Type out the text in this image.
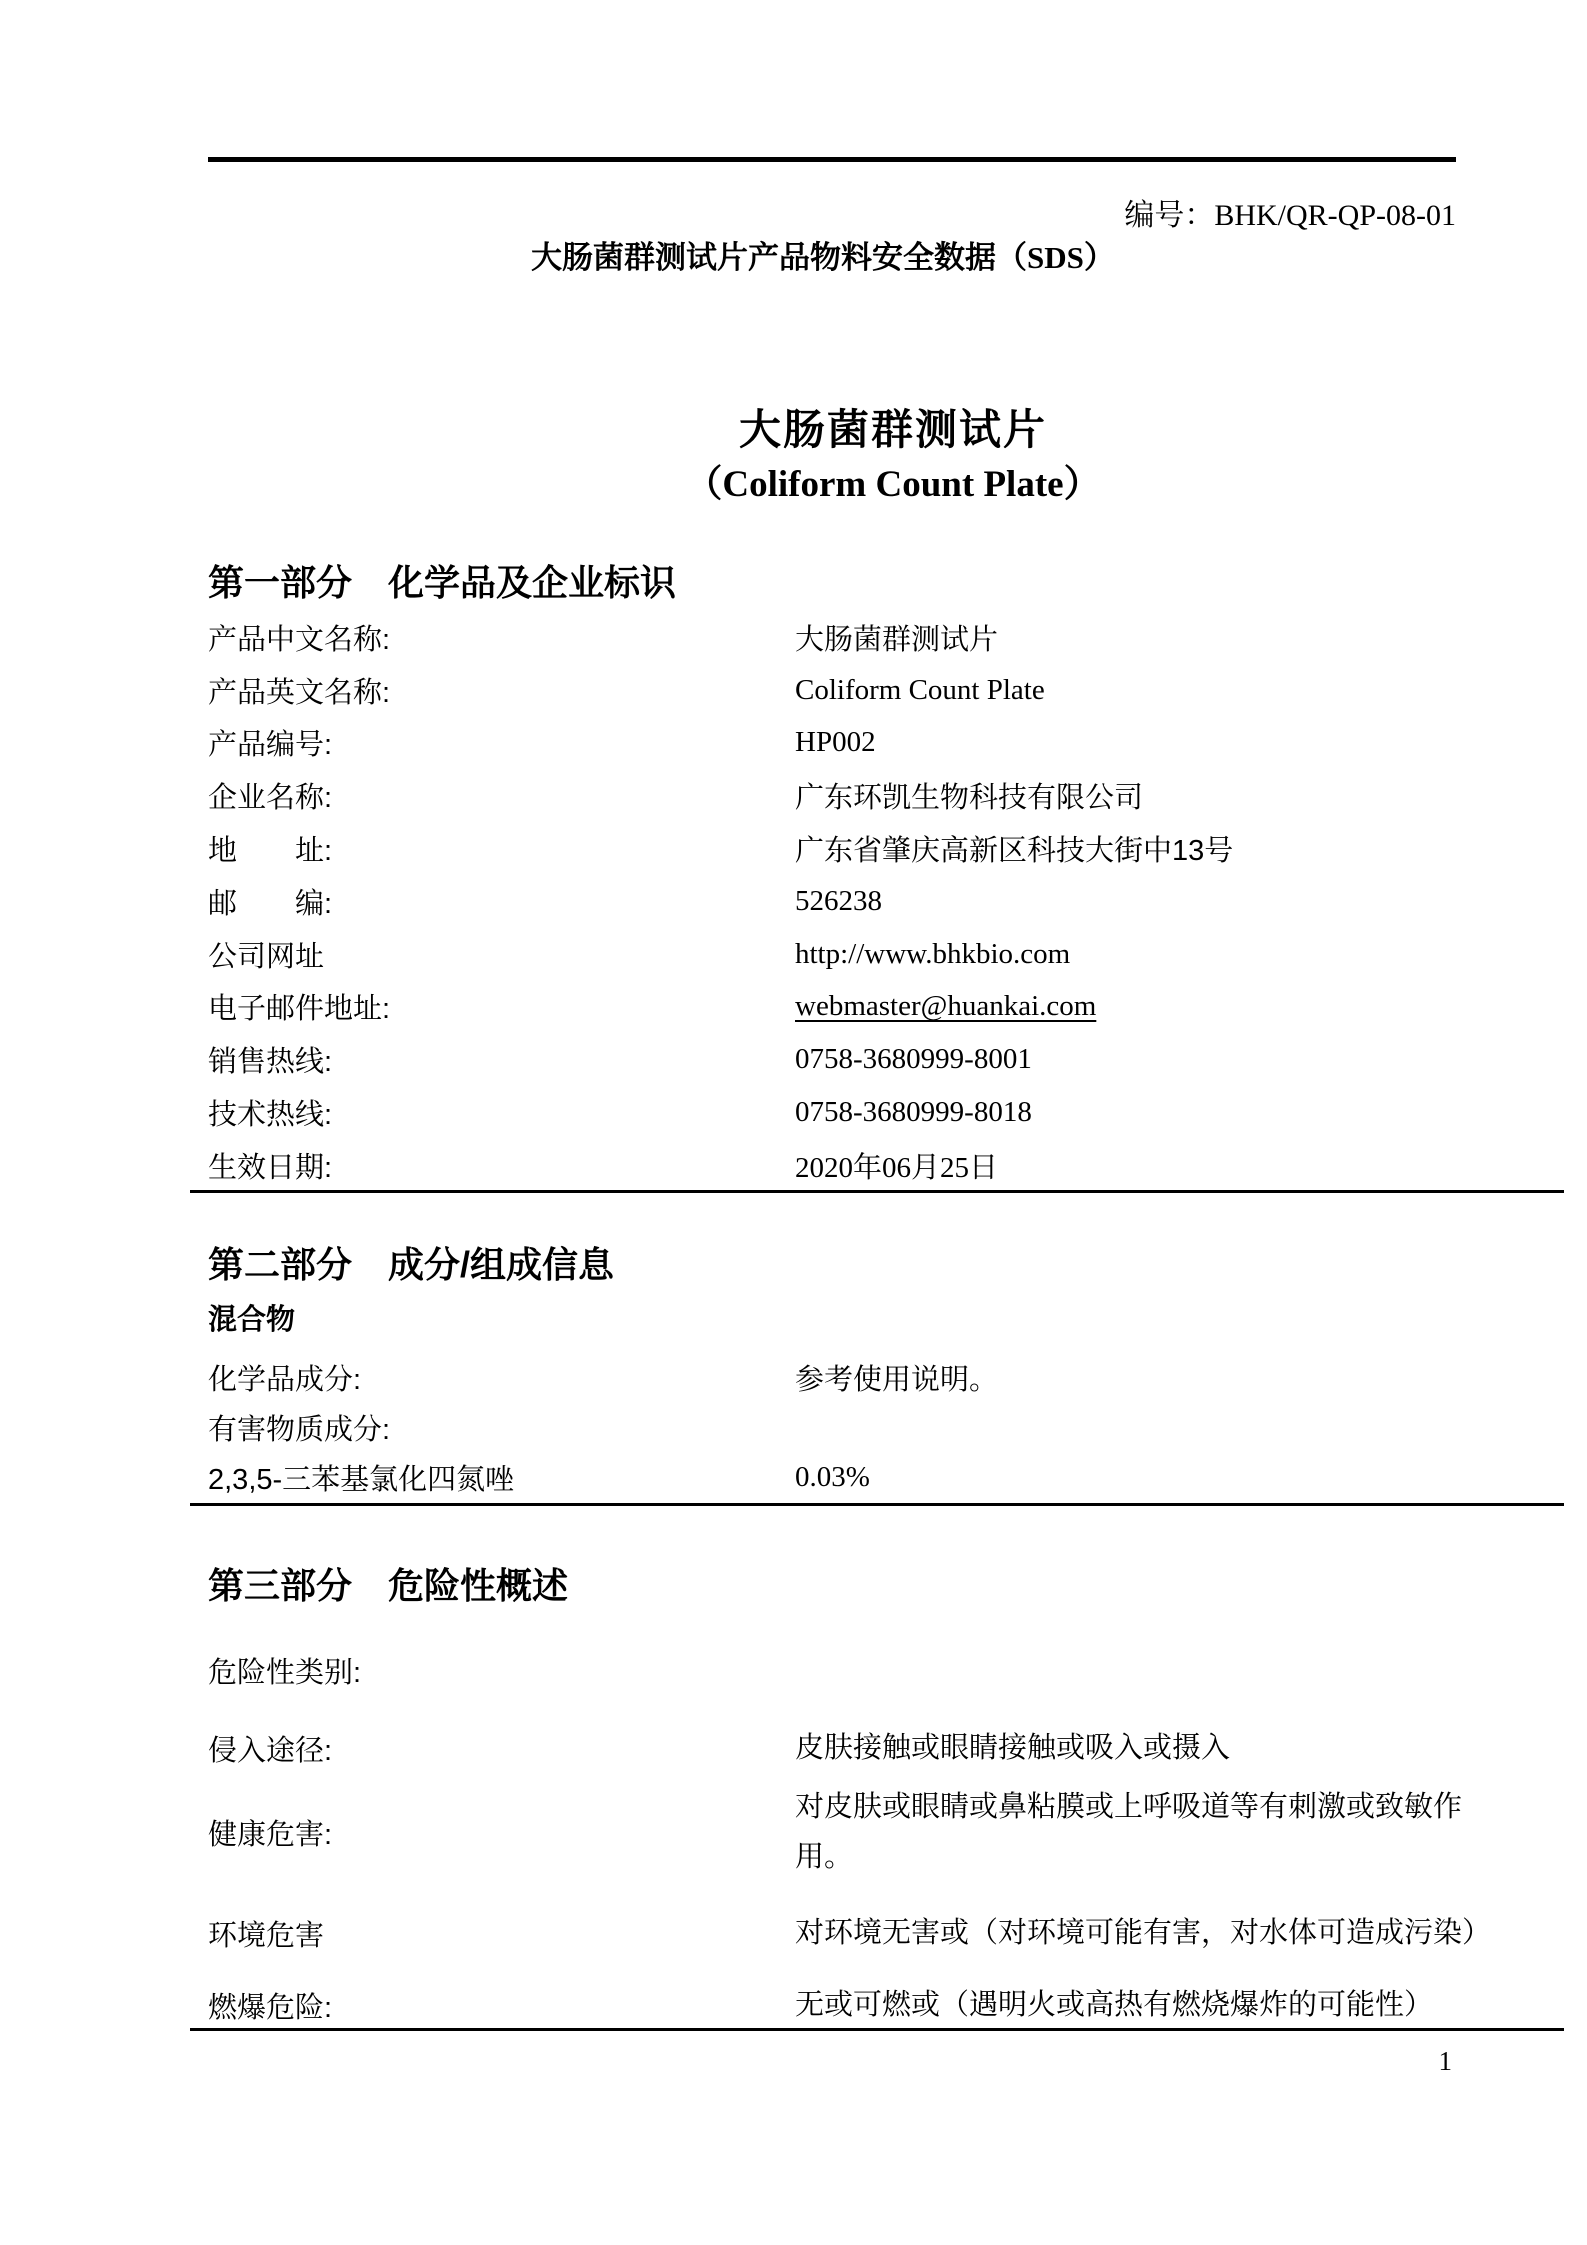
编号：BHK/QR-QP-08-01
大肠菌群测试片产品物料安全数据（SDS）
大肠菌群测试片
（Coliform Count Plate）
第一部分　化学品及企业标识
产品中文名称:	大肠菌群测试片
产品英文名称:	Coliform Count Plate
产品编号:	HP002
企业名称:	广东环凯生物科技有限公司
地　　址:	广东省肇庆高新区科技大街中13号
邮　　编:	526238
公司网址	http://www.bhkbio.com
电子邮件地址:	webmaster@huankai.com
销售热线:	0758-3680999-8001
技术热线:	0758-3680999-8018
生效日期:	2020年06月25日
第二部分　成分/组成信息
混合物
化学品成分:	参考使用说明。
有害物质成分:
2,3,5-三苯基氯化四氮唑	0.03%
第三部分　危险性概述
危险性类别:
侵入途径:	皮肤接触或眼睛接触或吸入或摄入
健康危害:
对皮肤或眼睛或鼻粘膜或上呼吸道等有刺激或致敏作
用。
环境危害	对环境无害或（对环境可能有害，对水体可造成污染）
燃爆危险:	无或可燃或（遇明火或高热有燃烧爆炸的可能性）
1
